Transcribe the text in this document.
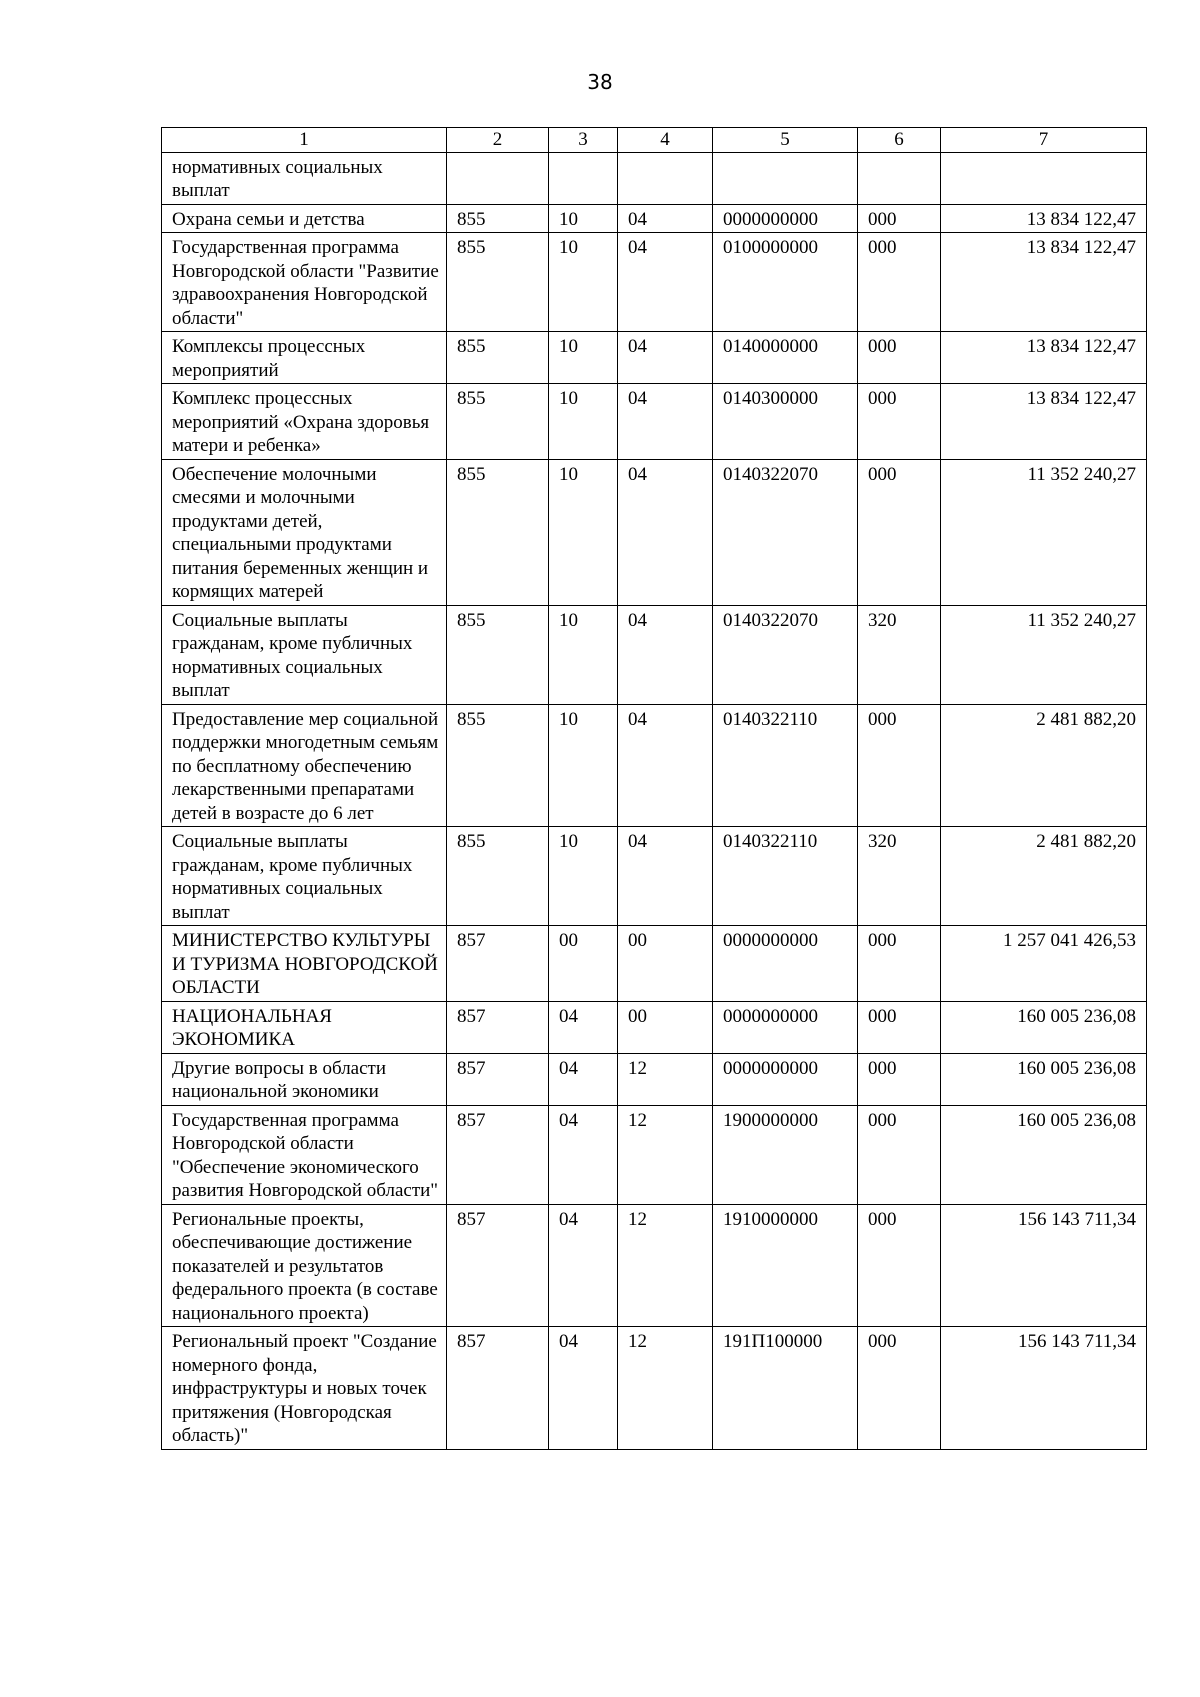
38
1	2	3	4	5	6	7
нормативных социальных выплат						
Охрана семьи и детства	855	10	04	0000000000	000	13 834 122,47
Государственная программа Новгородской области "Развитие здравоохранения Новгородской области"	855	10	04	0100000000	000	13 834 122,47
Комплексы процессных мероприятий	855	10	04	0140000000	000	13 834 122,47
Комплекс процессных мероприятий «Охрана здоровья матери и ребенка»	855	10	04	0140300000	000	13 834 122,47
Обеспечение молочными смесями и молочными продуктами детей, специальными продуктами питания беременных женщин и кормящих матерей	855	10	04	0140322070	000	11 352 240,27
Социальные выплаты гражданам, кроме публичных нормативных социальных выплат	855	10	04	0140322070	320	11 352 240,27
Предоставление мер социальной поддержки многодетным семьям по бесплатному обеспечению лекарственными препаратами детей в возрасте до 6 лет	855	10	04	0140322110	000	2 481 882,20
Социальные выплаты гражданам, кроме публичных нормативных социальных выплат	855	10	04	0140322110	320	2 481 882,20
МИНИСТЕРСТВО КУЛЬТУРЫ И ТУРИЗМА НОВГОРОДСКОЙ ОБЛАСТИ	857	00	00	0000000000	000	1 257 041 426,53
НАЦИОНАЛЬНАЯ ЭКОНОМИКА	857	04	00	0000000000	000	160 005 236,08
Другие вопросы в области национальной экономики	857	04	12	0000000000	000	160 005 236,08
Государственная программа Новгородской области "Обеспечение экономического развития Новгородской области"	857	04	12	1900000000	000	160 005 236,08
Региональные проекты, обеспечивающие достижение показателей и результатов федерального проекта (в составе национального проекта)	857	04	12	1910000000	000	156 143 711,34
Региональный проект "Создание номерного фонда, инфраструктуры и новых точек притяжения (Новгородская область)"	857	04	12	191П100000	000	156 143 711,34
